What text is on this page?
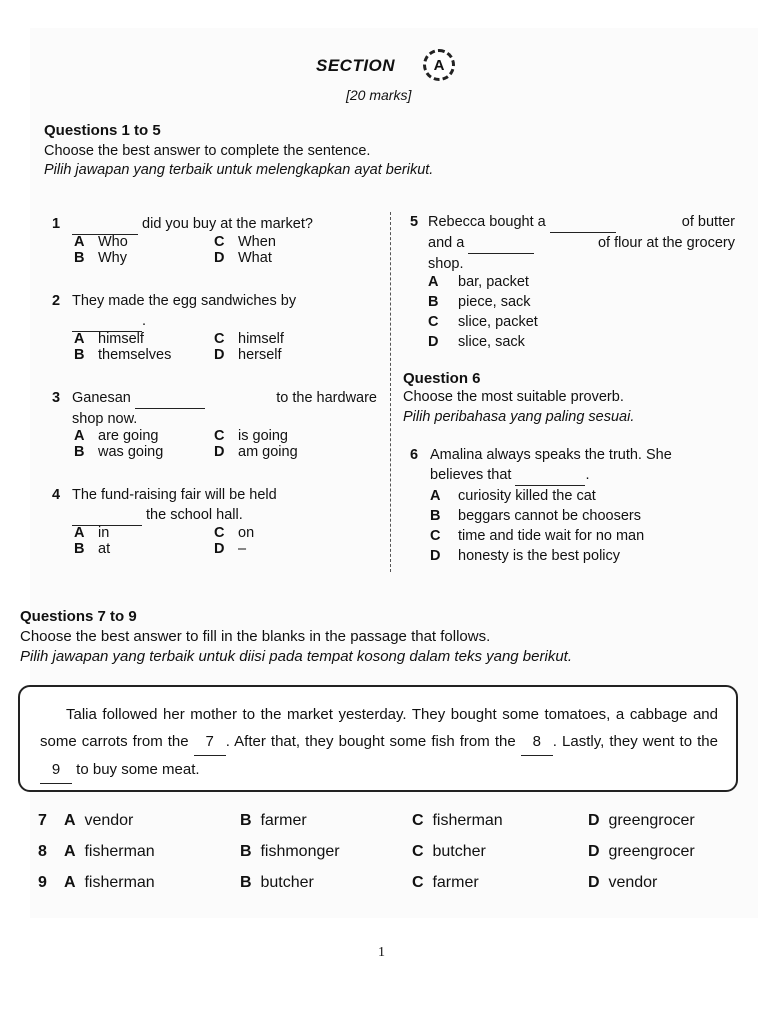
SECTION	A
[20 marks]
Questions 1 to 5
Choose the best answer to complete the sentence.
Pilih jawapan yang terbaik untuk melengkapkan ayat berikut.
1	did you buy at the market?
A Who	C When
B Why	D What
2 They made the egg sandwiches by
.
A himself	C himself
B themselves	D herself
3 Ganesan	to the hardware

shop now.
A are going	C is going
B was going	D am going
4 The fund-raising fair will be held
the school hall.
A in	C on
B at	D –
5 Rebecca bought a	of butter

and a	of flour at the grocery

shop.
A bar, packet
B piece, sack
C slice, packet
D slice, sack
Question 6
Choose the most suitable proverb.
Pilih peribahasa yang paling sesuai.
6 Amalina always speaks the truth. She
believes that	.
A curiosity killed the cat
B beggars cannot be choosers
C time and tide wait for no man
D honesty is the best policy
Questions 7 to 9
Choose the best answer to fill in the blanks in the passage that follows.
Pilih jawapan yang terbaik untuk diisi pada tempat kosong dalam teks yang berikut.
Talia followed her mother to the market yesterday. They bought some tomatoes, a cabbage and some carrots from the 7 . After that, they bought some fish from the 8 . Lastly, they went to the 9 to buy some meat.
7 A vendor	B farmer	C fisherman	D greengrocer
8 A fisherman	B fishmonger	C butcher	D greengrocer
9 A fisherman	B butcher	C farmer	D vendor
1
